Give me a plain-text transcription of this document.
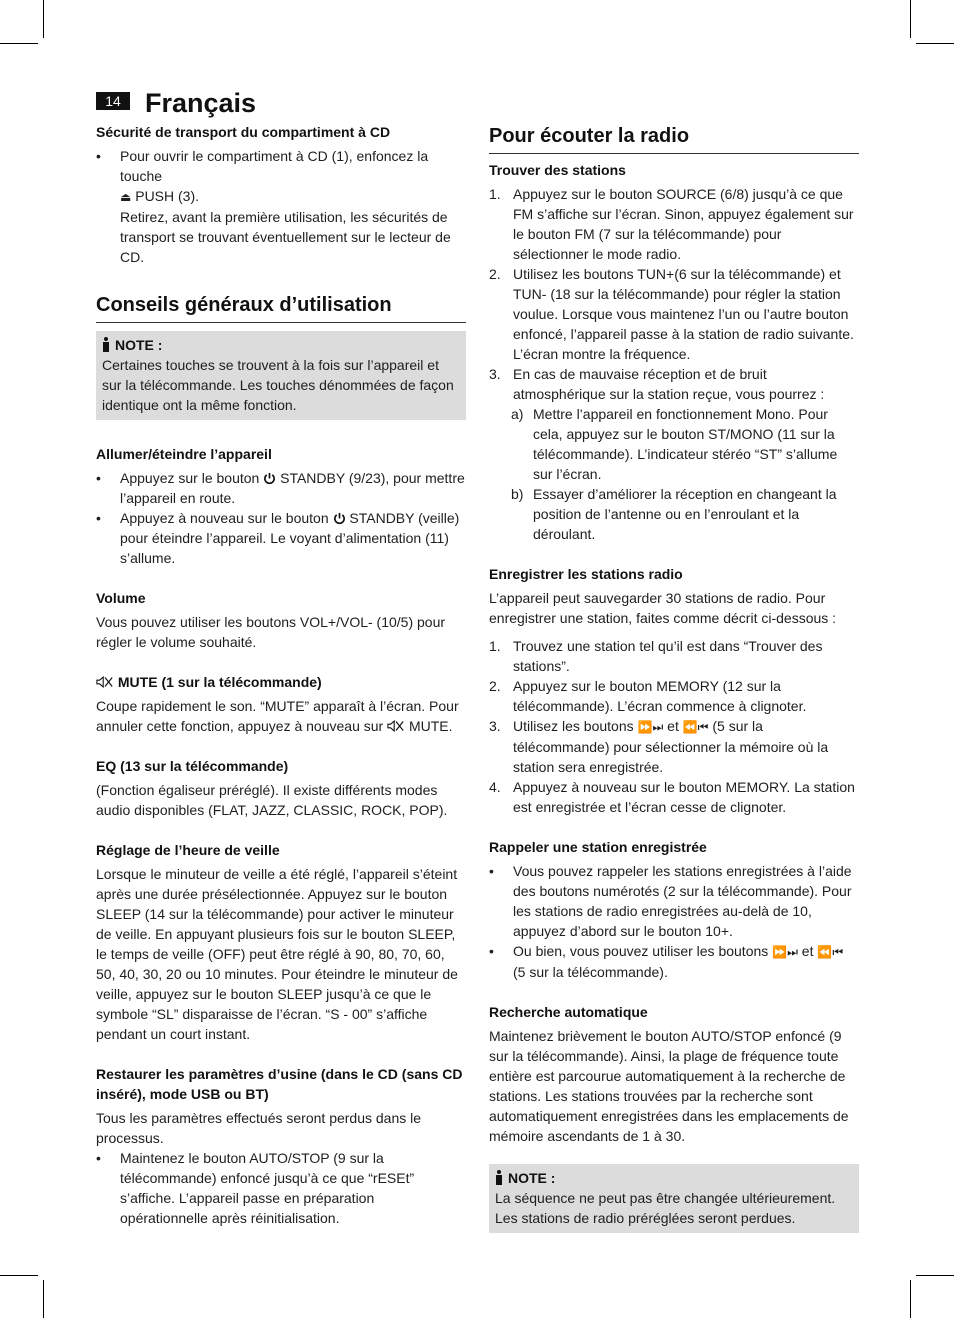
14 Français
Sécurité de transport du compartiment à CD
• Pour ouvrir le compartiment à CD (1), enfoncez la touche
⏏ PUSH (3).
Retirez, avant la première utilisation, les sécurités de transport se trouvant éventuellement sur le lecteur de CD.
Conseils généraux d’utilisation
NOTE :

Certaines touches se trouvent à la fois sur l’appareil et sur la télécommande. Les touches dénommées de façon identique ont la même fonction.

Allumer/éteindre l’appareil
• Appuyez sur le bouton STANDBY (9/23), pour mettre l’appareil en route.
• Appuyez à nouveau sur le bouton STANDBY (veille) pour éteindre l’appareil. Le voyant d’alimentation (11) s’allume.
Volume

Vous pouvez utiliser les boutons VOL+/VOL- (10/5) pour régler le volume souhaité.

MUTE (1 sur la télécommande)

Coupe rapidement le son. “MUTE” apparaît à l’écran. Pour annuler cette fonction, appuyez à nouveau sur MUTE.

EQ (13 sur la télécommande)

(Fonction égaliseur préréglé). Il existe différents modes audio disponibles (FLAT, JAZZ, CLASSIC, ROCK, POP).

Réglage de l’heure de veille

Lorsque le minuteur de veille a été réglé, l’appareil s’éteint après une durée présélectionnée. Appuyez sur le bouton SLEEP (14 sur la télécommande) pour activer le minuteur de veille. En appuyant plusieurs fois sur le bouton SLEEP, le temps de veille (OFF) peut être réglé à 90, 80, 70, 60, 50, 40, 30, 20 ou 10 minutes. Pour éteindre le minuteur de veille, appuyez sur le bouton SLEEP jusqu’à ce que le symbole “SL” disparaisse de l’écran. “S - 00” s’affiche pendant un court instant.

Restaurer les paramètres d’usine (dans le CD (sans CD inséré), mode USB ou BT)

Tous les paramètres effectués seront perdus dans le processus.

• Maintenez le bouton AUTO/STOP (9 sur la télécommande) enfoncé jusqu’à ce que “rESEt” s’affiche. L’appareil passe en préparation opérationnelle après réinitialisation.
Pour écouter la radio
Trouver des stations
1. Appuyez sur le bouton SOURCE (6/8) jusqu’à ce que FM s’affiche sur l’écran. Sinon, appuyez également sur le bouton FM (7 sur la télécommande) pour sélectionner le mode radio.
2. Utilisez les boutons TUN+(6 sur la télécommande) et TUN- (18 sur la télécommande) pour régler la station voulue. Lorsque vous maintenez l’un ou l’autre bouton enfoncé, l’appareil passe à la station de radio suivante. L’écran montre la fréquence.
3. En cas de mauvaise réception et de bruit atmosphérique sur la station reçue, vous pourrez :
a) Mettre l’appareil en fonctionnement Mono. Pour cela, appuyez sur le bouton ST/MONO (11 sur la télécommande). L’indicateur stéréo “ST” s’allume sur l’écran.
b) Essayer d’améliorer la réception en changeant la position de l’antenne ou en l’enroulant et la déroulant.
Enregistrer les stations radio

L’appareil peut sauvegarder 30 stations de radio. Pour enregistrer une station, faites comme décrit ci-dessous :

1. Trouvez une station tel qu’il est dans “Trouver des stations”.
2. Appuyez sur le bouton MEMORY (12 sur la télécommande). L’écran commence à clignoter.
3. Utilisez les boutons ⏩⏭ et ⏪⏮ (5 sur la télécommande) pour sélectionner la mémoire où la station sera enregistrée.
4. Appuyez à nouveau sur le bouton MEMORY. La station est enregistrée et l’écran cesse de clignoter.
Rappeler une station enregistrée
• Vous pouvez rappeler les stations enregistrées à l’aide des boutons numérotés (2 sur la télécommande). Pour les stations de radio enregistrées au-delà de 10, appuyez d’abord sur le bouton 10+.
• Ou bien, vous pouvez utiliser les boutons ⏩⏭ et ⏪⏮ (5 sur la télécommande).
Recherche automatique

Maintenez brièvement le bouton AUTO/STOP enfoncé (9 sur la télécommande). Ainsi, la plage de fréquence toute entière est parcourue automatiquement à la recherche de stations. Les stations trouvées par la recherche sont automatiquement enregistrées dans les emplacements de mémoire ascendants de 1 à 30.

NOTE :

La séquence ne peut pas être changée ultérieurement. Les stations de radio préréglées seront perdues.
